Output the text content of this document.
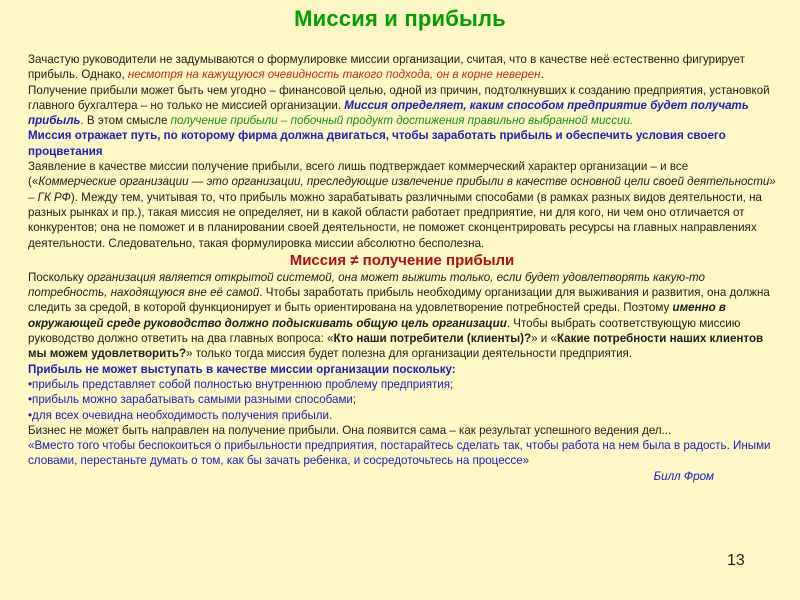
Миссия и прибыль

Зачастую руководители не задумываются о формулировке миссии организации, считая, что в качестве неё естественно фигурирует прибыль. Однако, несмотря на кажущуюся очевидность такого подхода, он в корне неверен.

Получение прибыли может быть чем угодно – финансовой целью, одной из причин, подтолкнувших к созданию предприятия, установкой главного бухгалтера – но только не миссией организации. Миссия определяет, каким способом предприятие будет получать прибыль. В этом смысле получение прибыли – побочный продукт достижения правильно выбранной миссии.

Миссия отражает путь, по которому фирма должна двигаться, чтобы заработать прибыль и обеспечить условия своего процветания

Заявление в качестве миссии получение прибыли, всего лишь подтверждает коммерческий характер организации – и все («Коммерческие организации — это организации, преследующие извлечение прибыли в качестве основной цели своей деятельности» – ГК РФ). Между тем, учитывая то, что прибыль можно зарабатывать различными способами (в рамках разных видов деятельности, на разных рынках и пр.), такая миссия не определяет, ни в какой области работает предприятие, ни для кого, ни чем оно отличается от конкурентов; она не поможет и в планировании своей деятельности, не поможет сконцентрировать ресурсы на главных направлениях деятельности. Следовательно, такая формулировка миссии абсолютно бесполезна.

Миссия ≠ получение прибыли

Поскольку организация является открытой системой, она может выжить только, если будет удовлетворять какую-то потребность, находящуюся вне её самой. Чтобы заработать прибыль необходиму организации для выживания и развития, она должна следить за средой, в которой функционирует и быть ориентирована на удовлетворение потребностей среды. Поэтому именно в окружающей среде руководство должно подыскивать общую цель организации. Чтобы выбрать соответствующую миссию руководство должно ответить на два главных вопроса: «Кто наши потребители (клиенты)?» и «Какие потребности наших клиентов мы можем удовлетворить?» только тогда миссия будет полезна для организации деятельности предприятия.

Прибыль не может выступать в качестве миссии организации поскольку:

•прибыль представляет собой полностью внутреннюю проблему предприятия;

•прибыль можно зарабатывать самыми разными способами;

•для всех очевидна необходимость получения прибыли.

Бизнес не может быть направлен на получение прибыли. Она появится сама – как результат успешного ведения дел...

«Вместо того чтобы беспокоиться о прибыльности предприятия, постарайтесь сделать так, чтобы работа на нем была в радость. Иными словами, перестаньте думать о том, как бы зачать ребенка, и сосредоточьтесь на процессе»

Билл Фром

13
